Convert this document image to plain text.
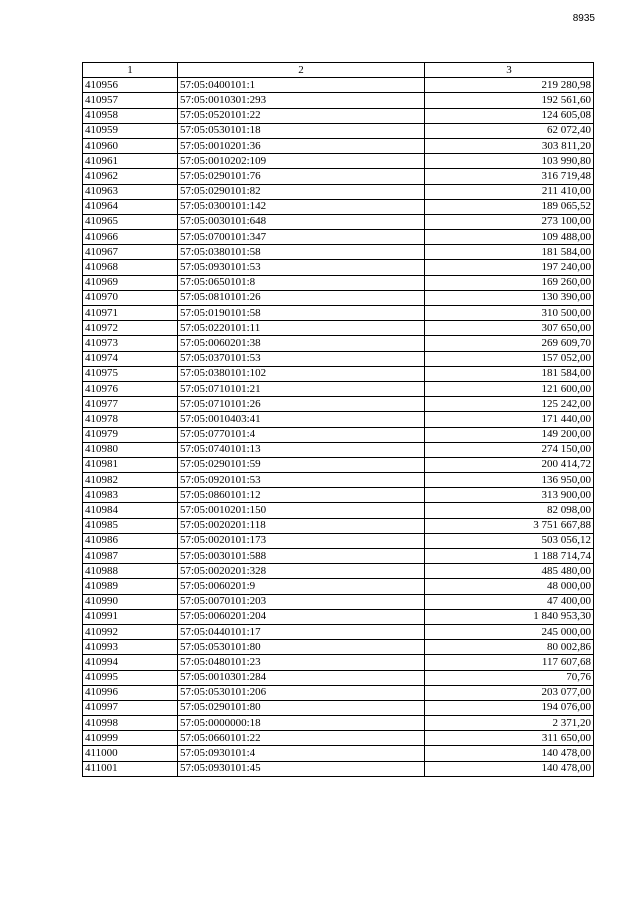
8935
1	2	3
410956	57:05:0400101:1	219 280,98
410957	57:05:0010301:293	192 561,60
410958	57:05:0520101:22	124 605,08
410959	57:05:0530101:18	62 072,40
410960	57:05:0010201:36	303 811,20
410961	57:05:0010202:109	103 990,80
410962	57:05:0290101:76	316 719,48
410963	57:05:0290101:82	211 410,00
410964	57:05:0300101:142	189 065,52
410965	57:05:0030101:648	273 100,00
410966	57:05:0700101:347	109 488,00
410967	57:05:0380101:58	181 584,00
410968	57:05:0930101:53	197 240,00
410969	57:05:0650101:8	169 260,00
410970	57:05:0810101:26	130 390,00
410971	57:05:0190101:58	310 500,00
410972	57:05:0220101:11	307 650,00
410973	57:05:0060201:38	269 609,70
410974	57:05:0370101:53	157 052,00
410975	57:05:0380101:102	181 584,00
410976	57:05:0710101:21	121 600,00
410977	57:05:0710101:26	125 242,00
410978	57:05:0010403:41	171 440,00
410979	57:05:0770101:4	149 200,00
410980	57:05:0740101:13	274 150,00
410981	57:05:0290101:59	200 414,72
410982	57:05:0920101:53	136 950,00
410983	57:05:0860101:12	313 900,00
410984	57:05:0010201:150	82 098,00
410985	57:05:0020201:118	3 751 667,88
410986	57:05:0020101:173	503 056,12
410987	57:05:0030101:588	1 188 714,74
410988	57:05:0020201:328	485 480,00
410989	57:05:0060201:9	48 000,00
410990	57:05:0070101:203	47 400,00
410991	57:05:0060201:204	1 840 953,30
410992	57:05:0440101:17	245 000,00
410993	57:05:0530101:80	80 002,86
410994	57:05:0480101:23	117 607,68
410995	57:05:0010301:284	70,76
410996	57:05:0530101:206	203 077,00
410997	57:05:0290101:80	194 076,00
410998	57:05:0000000:18	2 371,20
410999	57:05:0660101:22	311 650,00
411000	57:05:0930101:4	140 478,00
411001	57:05:0930101:45	140 478,00
